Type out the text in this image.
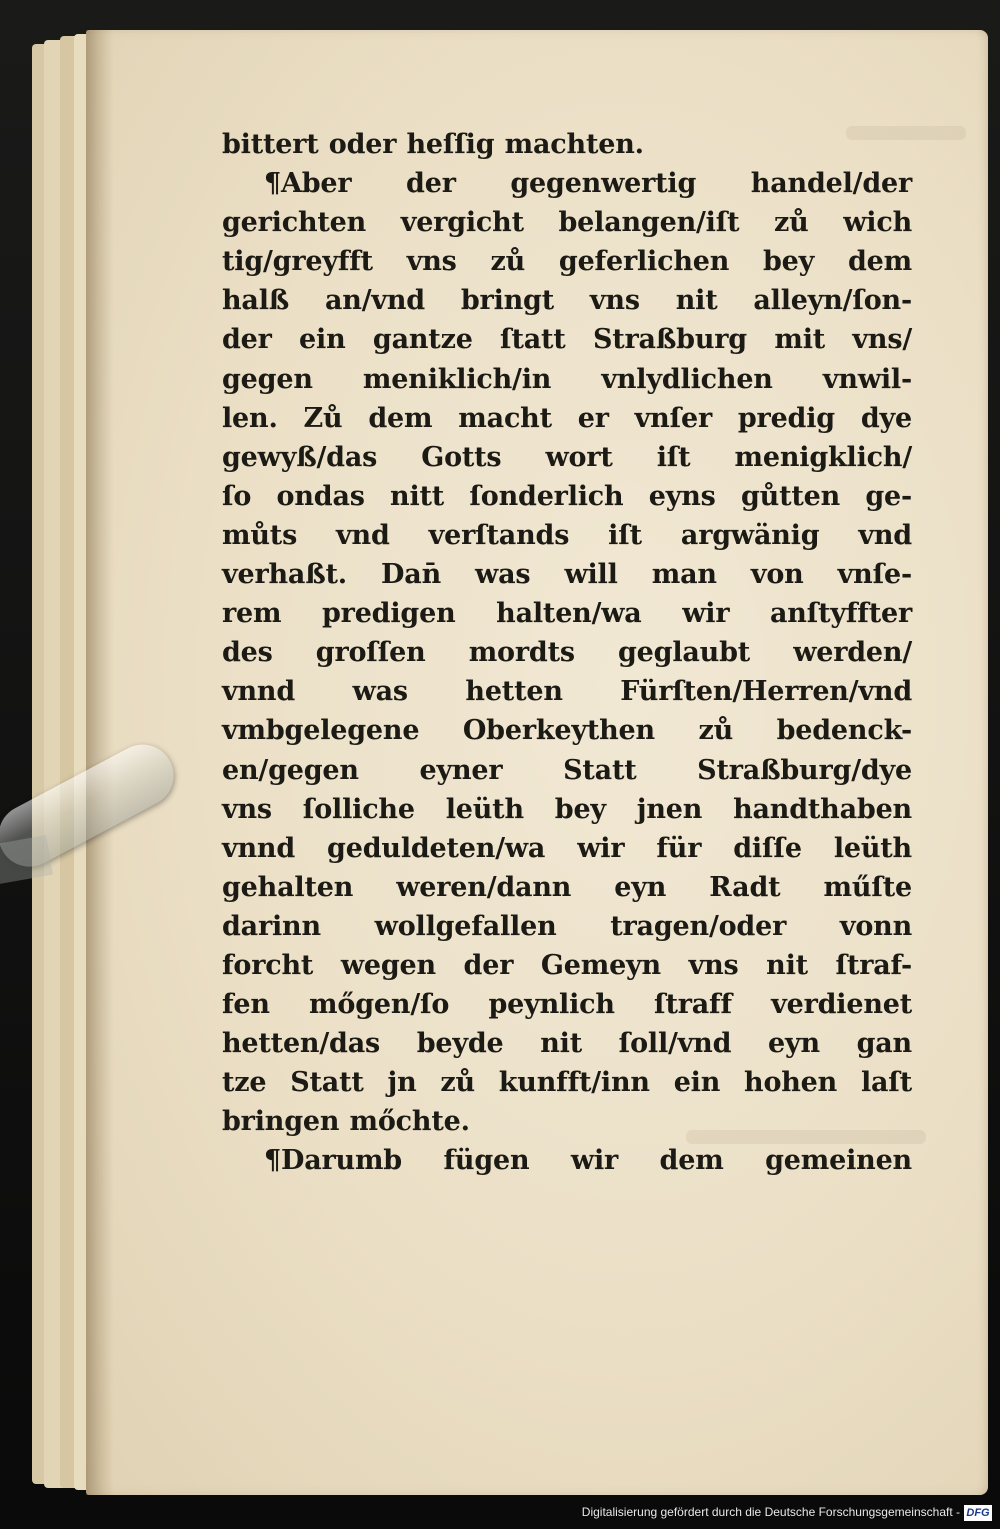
bittert oder heſſig machten.
¶Aber der gegenwertig handel/der
gerichten vergicht belangen/iſt zů wich
tig/greyfft vns zů geferlichen bey dem
halß an/vnd bringt vns nit alleyn/ſon-
der ein gantze ſtatt Straßburg mit vns/
gegen meniklich/in vnlydlichen vnwil-
len. Zů dem macht er vnſer predig dye
gewyß/das Gotts wort iſt menigklich/
ſo ondas nitt ſonderlich eyns gůtten ge-
můts vnd verſtands iſt argwänig vnd
verhaßt. Dan̄ was will man von vnſe-
rem predigen halten/wa wir anſtyffter
des groſſen mordts geglaubt werden/
vnnd was hetten Fürſten/Herren/vnd
vmbgelegene Oberkeythen zů bedenck-
en/gegen eyner Statt Straßburg/dye
vns ſolliche leüth bey jnen handthaben
vnnd geduldeten/wa wir für diſſe leüth
gehalten weren/dann eyn Radt műſte
darinn wollgefallen tragen/oder vonn
forcht wegen der Gemeyn vns nit ſtraf-
fen mőgen/ſo peynlich ſtraff verdienet
hetten/das beyde nit ſoll/vnd eyn gan
tze Statt jn zů kunfft/inn ein hohen laſt
bringen mőchte.
¶Darumb fügen wir dem gemeinen
Digitalisierung gefördert durch die Deutsche Forschungsgemeinschaft - DFG
